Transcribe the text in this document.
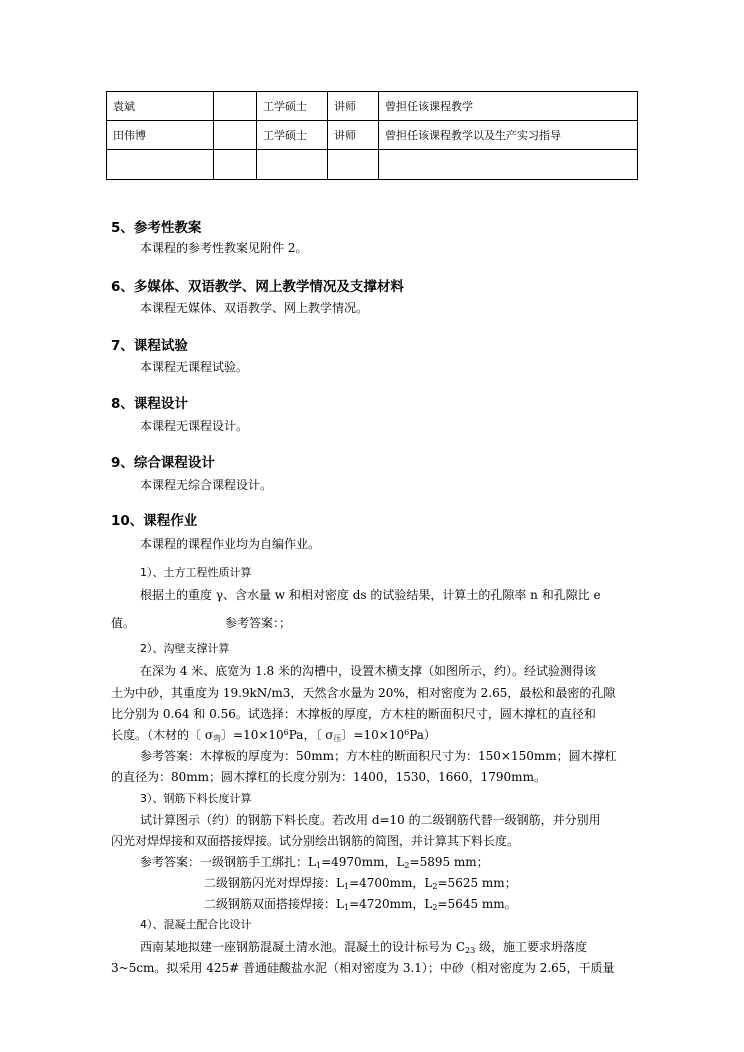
袁斌		工学硕士	讲师	曾担任该课程教学
田伟博		工学硕士	讲师	曾担任该课程教学以及生产实习指导

5、参考性教案
本课程的参考性教案见附件 2。
6、多媒体、双语教学、网上教学情况及支撑材料
本课程无媒体、双语教学、网上教学情况。
7、课程试验
本课程无课程试验。
8、课程设计
本课程无课程设计。
9、综合课程设计
本课程无综合课程设计。
10、课程作业
本课程的课程作业均为自编作业。
1）、土方工程性质计算
根据土的重度 γ、含水量 w 和相对密度 ds 的试验结果，计算土的孔隙率 n 和孔隙比 e
值。	参考答案：；
2）、沟壁支撑计算
在深为 4 米、底宽为 1.8 米的沟槽中，设置木横支撑（如图所示，约）。经试验测得该
土为中砂，其重度为 19.9kN/m3，天然含水量为 20%，相对密度为 2.65，最松和最密的孔隙
比分别为 0.64 和 0.56。试选择：木撑板的厚度，方木柱的断面积尺寸，圆木撑杠的直径和
长度。（木材的〔 $\sigma_弯$〕$=10\times 10^6Pa$，〔 $\sigma_压$〕$=10\times 10^6Pa$）
参考答案：木撑板的厚度为：50mm；方木柱的断面积尺寸为：150×150mm；圆木撑杠
的直径为：80mm；圆木撑杠的长度分别为：1400，1530，1660，1790mm。
3）、钢筋下料长度计算
试计算图示（约）的钢筋下料长度。若改用 d=10 的二级钢筋代替一级钢筋，并分别用
闪光对焊焊接和双面搭接焊接。试分别绘出钢筋的简图，并计算其下料长度。
参考答案：一级钢筋手工绑扎：$L_1=4970mm$，$L_2=5895$ mm；
二级钢筋闪光对焊焊接：$L_1=4700mm$，$L_2=5625$ mm；
二级钢筋双面搭接焊接：$L_1=4720mm$，$L_2=5645$ mm。
4）、混凝土配合比设计
西南某地拟建一座钢筋混凝土清水池。混凝土的设计标号为 $C_{23}$ 级，施工要求坍落度
3~5cm。拟采用 425# 普通硅酸盐水泥（相对密度为 3.1）；中砂（相对密度为 2.65，干质量
